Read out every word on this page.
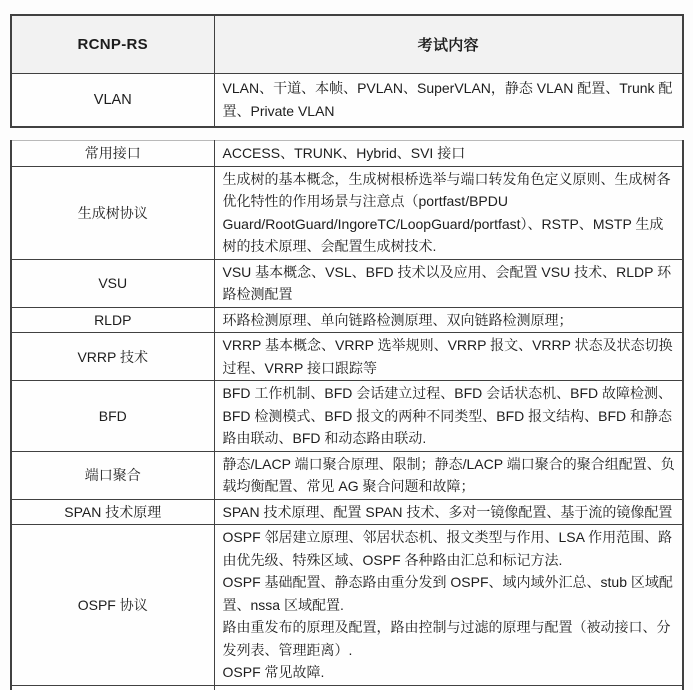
RCNP-RS	考试内容
VLAN	VLAN、干道、本帧、PVLAN、SuperVLAN，静态 VLAN 配置、Trunk 配置、Private VLAN
常用接口	ACCESS、TRUNK、Hybrid、SVI 接口

生成树协议	生成树的基本概念，生成树根桥选举与端口转发角色定义原则、生成树各优化特性的作用场景与注意点（portfast/BPDU Guard/RootGuard/IngoreTC/LoopGuard/portfast）、RSTP、MSTP 生成树的技术原理、会配置生成树技术.

VSU	VSU 基本概念、VSL、BFD 技术以及应用、会配置 VSU 技术、RLDP 环路检测配置

RLDP	环路检测原理、单向链路检测原理、双向链路检测原理；

VRRP 技术	VRRP 基本概念、VRRP 选举规则、VRRP 报文、VRRP 状态及状态切换过程、VRRP 接口跟踪等

BFD	BFD 工作机制、BFD 会话建立过程、BFD 会话状态机、BFD 故障检测、BFD 检测模式、BFD 报文的两种不同类型、BFD 报文结构、BFD 和静态路由联动、BFD 和动态路由联动.

端口聚合	静态/LACP 端口聚合原理、限制；静态/LACP 端口聚合的聚合组配置、负载均衡配置、常见 AG 聚合问题和故障；

SPAN 技术原理	SPAN 技术原理、配置 SPAN 技术、多对一镜像配置、基于流的镜像配置

OSPF 协议	OSPF 邻居建立原理、邻居状态机、报文类型与作用、LSA 作用范围、路由优先级、特殊区域、OSPF 各种路由汇总和标记方法.
OSPF 基础配置、静态路由重分发到 OSPF、域内域外汇总、stub 区域配置、nssa 区域配置.
路由重发布的原理及配置，路由控制与过滤的原理与配置（被动接口、分发列表、管理距离）.
OSPF 常见故障.
